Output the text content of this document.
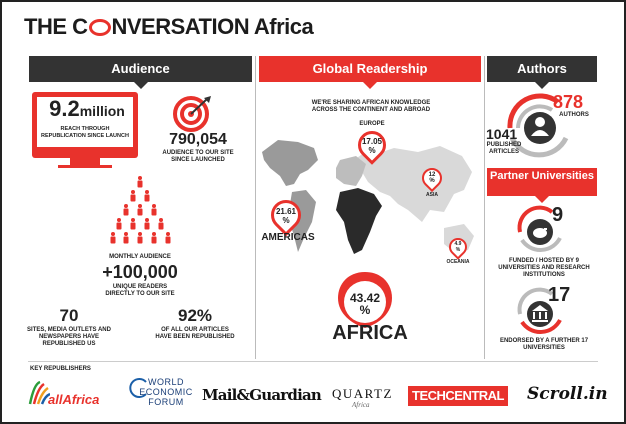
THE C NVERSATION Africa
Audience	Global Readership	Authors
9.2million
REACH THROUGH REPUBLICATION SINCE LAUNCH	790,054
AUDIENCE TO OUR SITE SINCE LAUNCHED
MONTHLY AUDIENCE
+100,000
UNIQUE READERS DIRECTLY TO OUR SITE
70
SITES, MEDIA OUTLETS AND NEWSPAPERS HAVE REPUBLISHED US
92%
OF ALL OUR ARTICLES HAVE BEEN REPUBLISHED
WE'RE SHARING AFRICAN KNOWLEDGE ACROSS THE CONTINENT AND ABROAD
EUROPE
17.05
%
12
%
ASIA
21.61
%
AMERICAS
4.9
%
OCEANIA
43.42
%
AFRICA
878
AUTHORS
1041
PUBLISHED ARTICLES
Partner Universities
9
FUNDED / HOSTED BY 9 UNIVERSITIES AND RESEARCH INSTITUTIONS
17
ENDORSED BY A FURTHER 17 UNIVERSITIES
KEY REPUBLISHERS
allAfrica
WORLD
ECONOMIC
FORUM	Mail&Guardian QUARTZ
Africa
TECHCENTRAL Scroll.in
